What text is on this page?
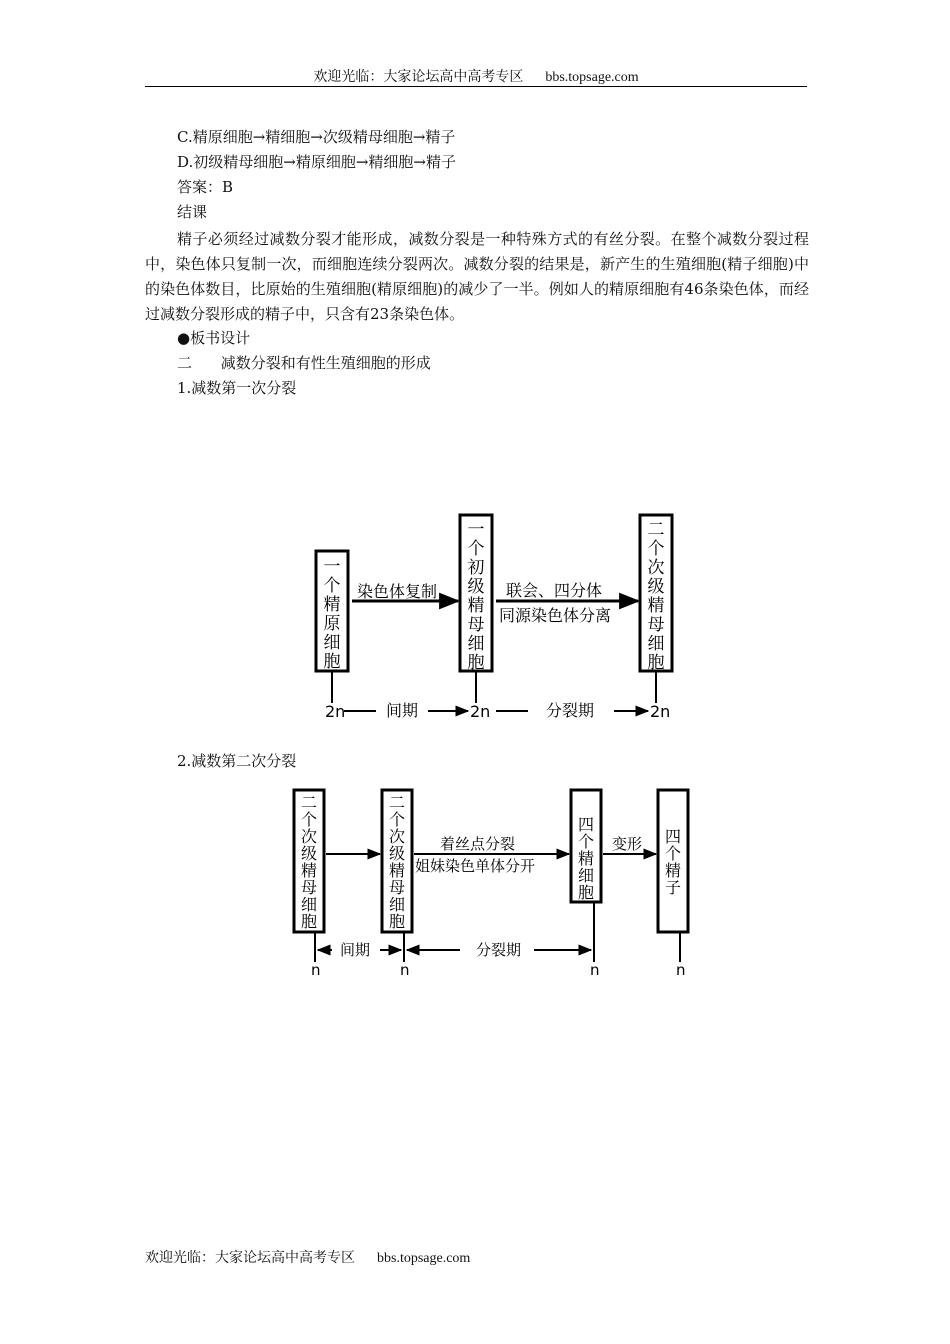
欢迎光临：大家论坛高中高考专区 bbs.topsage.com
C.精原细胞→精细胞→次级精母细胞→精子
D.初级精母细胞→精原细胞→精细胞→精子
答案：B
结课
精子必须经过减数分裂才能形成，减数分裂是一种特殊方式的有丝分裂。在整个减数分裂过程中，染色体只复制一次，而细胞连续分裂两次。减数分裂的结果是，新产生的生殖细胞(精子细胞)中的染色体数目，比原始的生殖细胞(精原细胞)的减少了一半。例如人的精原细胞有46条染色体，而经过减数分裂形成的精子中，只含有23条染色体。
●板书设计
二 减数分裂和有性生殖细胞的形成
1.减数第一次分裂
一
个
精
原
细
胞
一
个
初
级
精
母
细
胞
二
个
次
级
精
母
细
胞
染色体复制	联会、四分体
同源染色体分离
2n	2n	2n
间期	分裂期
2.减数第二次分裂
二
个
次
级
精
母
细
胞
二
个
次
级
精
母
细
胞
四
个
精
细
胞
四
个
精
子
着丝点分裂
姐妹染色单体分开
变形
间期	分裂期
n	n	n	n
欢迎光临：大家论坛高中高考专区 bbs.topsage.com
